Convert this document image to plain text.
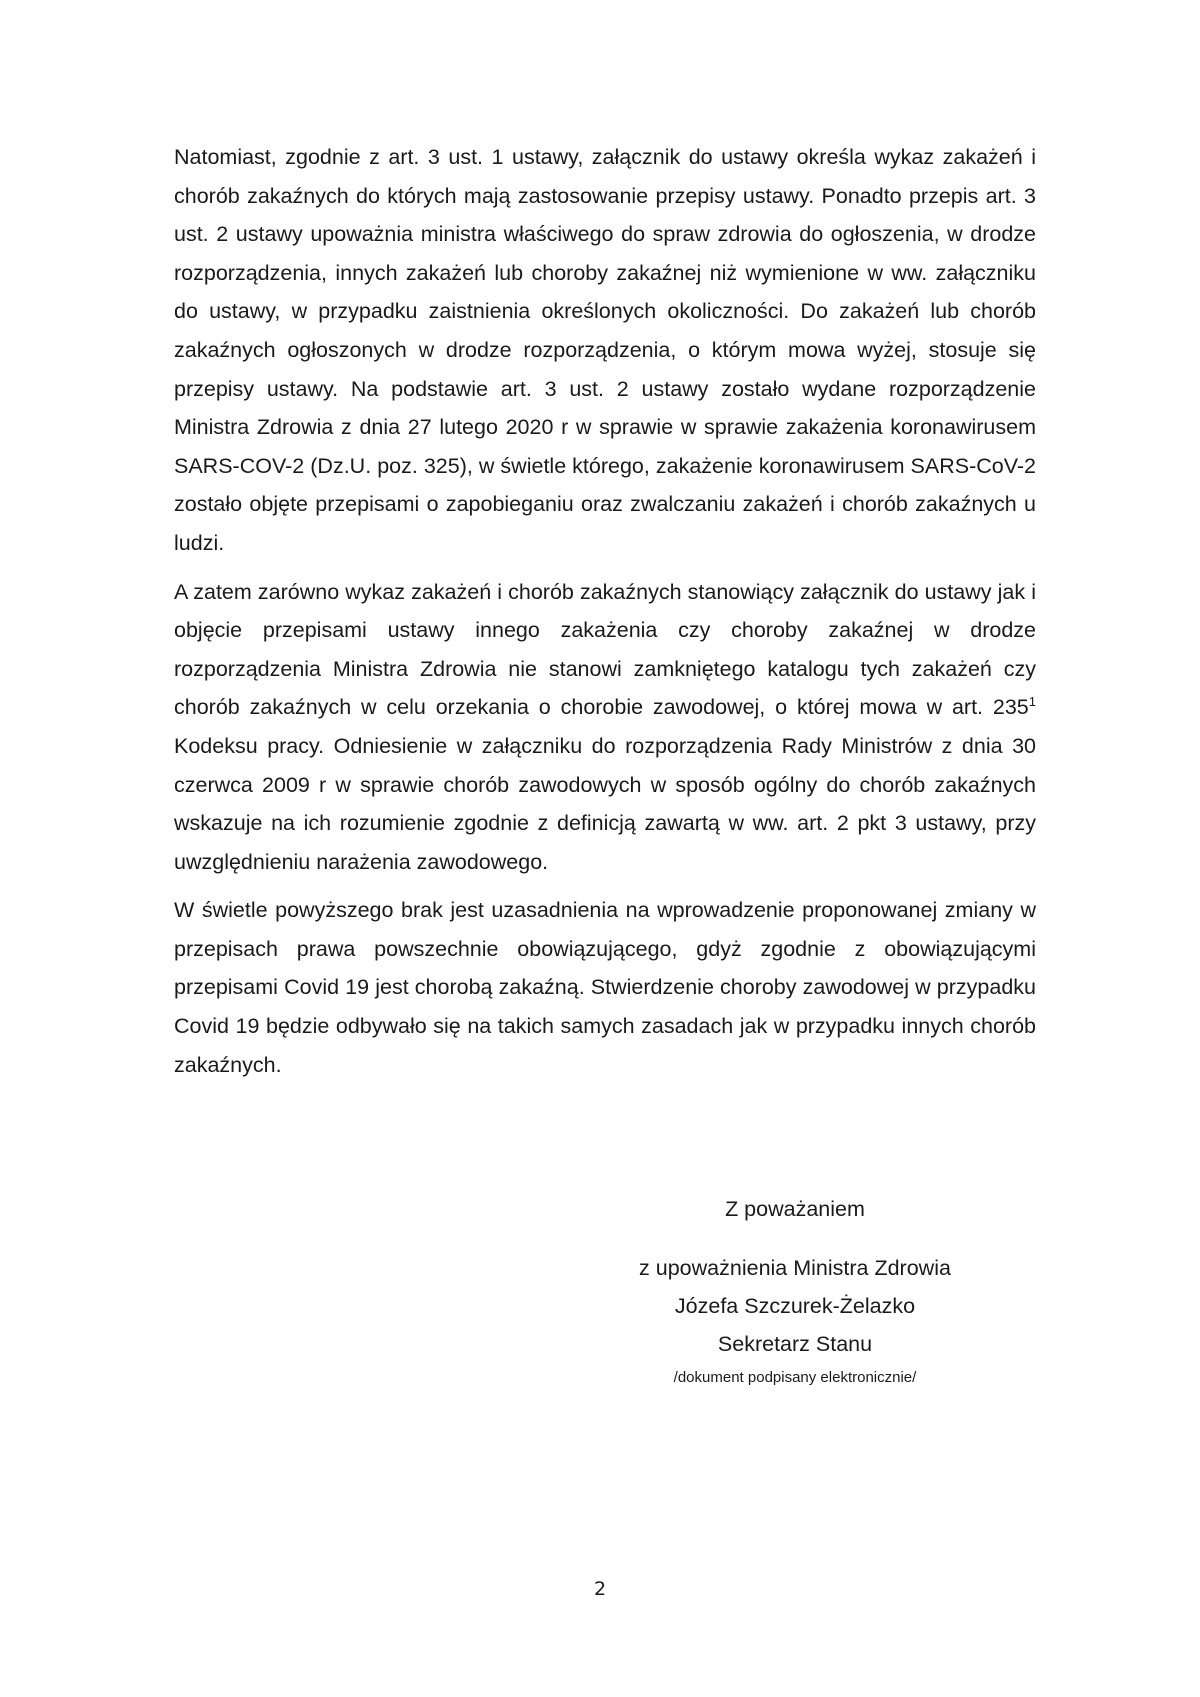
Natomiast, zgodnie z art. 3 ust. 1 ustawy, załącznik do ustawy określa wykaz zakażeń i chorób zakaźnych do których mają zastosowanie przepisy ustawy. Ponadto przepis art. 3 ust. 2 ustawy upoważnia ministra właściwego do spraw zdrowia do ogłoszenia, w drodze rozporządzenia, innych zakażeń lub choroby zakaźnej niż wymienione w ww. załączniku do ustawy, w przypadku zaistnienia określonych okoliczności. Do zakażeń lub chorób zakaźnych ogłoszonych w drodze rozporządzenia, o którym mowa wyżej, stosuje się przepisy ustawy. Na podstawie art. 3 ust. 2 ustawy zostało wydane rozporządzenie Ministra Zdrowia z dnia 27 lutego 2020 r w sprawie w sprawie zakażenia koronawirusem SARS-COV-2 (Dz.U. poz. 325), w świetle którego, zakażenie koronawirusem SARS-CoV-2 zostało objęte przepisami o zapobieganiu oraz zwalczaniu zakażeń i chorób zakaźnych u ludzi.

A zatem zarówno wykaz zakażeń i chorób zakaźnych stanowiący załącznik do ustawy jak i objęcie przepisami ustawy innego zakażenia czy choroby zakaźnej w drodze rozporządzenia Ministra Zdrowia nie stanowi zamkniętego katalogu tych zakażeń czy chorób zakaźnych w celu orzekania o chorobie zawodowej, o której mowa w art. $235^1$ Kodeksu pracy. Odniesienie w załączniku do rozporządzenia Rady Ministrów z dnia 30 czerwca 2009 r w sprawie chorób zawodowych w sposób ogólny do chorób zakaźnych wskazuje na ich rozumienie zgodnie z definicją zawartą w ww. art. 2 pkt 3 ustawy, przy uwzględnieniu narażenia zawodowego.

W świetle powyższego brak jest uzasadnienia na wprowadzenie proponowanej zmiany w przepisach prawa powszechnie obowiązującego, gdyż zgodnie z obowiązującymi przepisami Covid 19 jest chorobą zakaźną. Stwierdzenie choroby zawodowej w przypadku Covid 19 będzie odbywało się na takich samych zasadach jak w przypadku innych chorób zakaźnych.

Z poważaniem
z upoważnienia Ministra Zdrowia
Józefa Szczurek-Żelazko
Sekretarz Stanu
/dokument podpisany elektronicznie/
2
